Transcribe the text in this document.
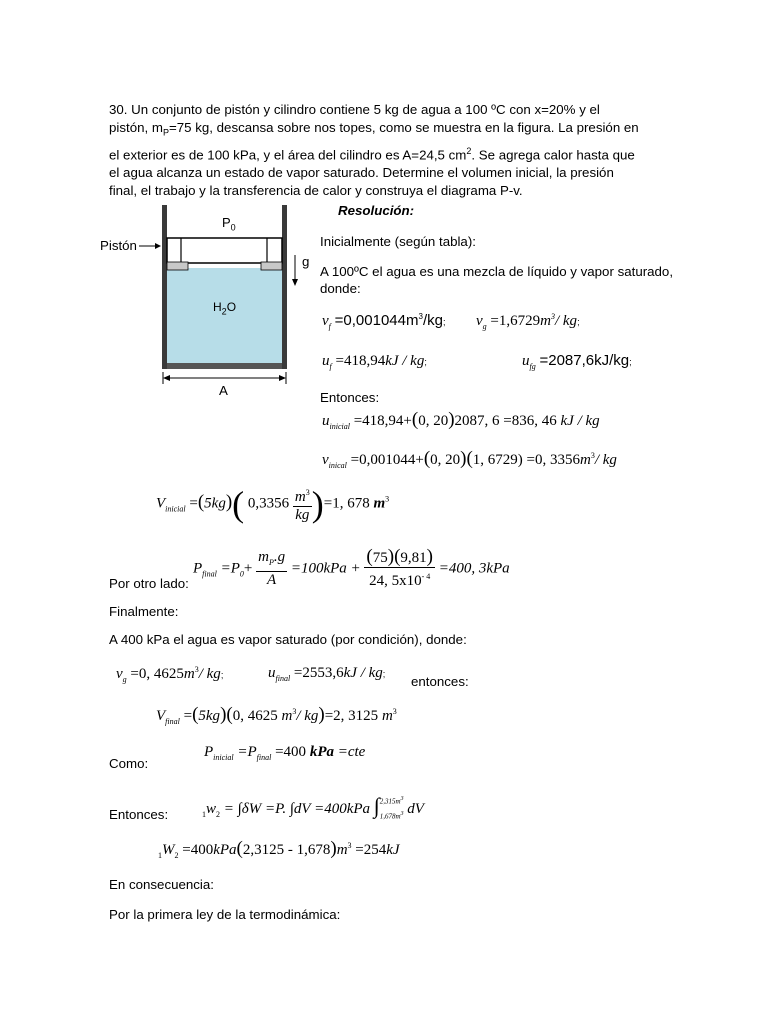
30. Un conjunto de pistón y cilindro contiene 5 kg de agua a 100 ºC con x=20% y el
pistón, $m_P=75$ kg, descansa sobre nos topes, como se muestra en la figura. La presión en
el exterior es de 100 kPa, y el área del cilindro es A=24,5 $cm^2$. Se agrega calor hasta que
el agua alcanza un estado de vapor saturado. Determine el volumen inicial, la presión
final, el trabajo y la transferencia de calor y construya el diagrama P-v.
$P_0$
Pistón
g
$H_2O$
A
Resolución:
Inicialmente (según tabla):
A 100ºC el agua es una mezcla de líquido y vapor saturado,
donde:
$v_f =0,001044m^3/kg$; $v_g =1,6729m^3/$ kg;
$u_f =418,94kJ$ / kg;	$u_{fg} =2087,6kJ/kg$;
Entonces:
$u_{inicial} =418,94+(0$, 20)2087, 6 =836, 46 kJ / kg
$v_{inical} =0,001044+(0$, 20)(1, 6729) =0, $3356m^3/$ kg
$V_{inicial} =(5kg)$( $0,3356 \frac{m^3}{kg} )=1$, 678 $m^3$
$P_{final} =P_0+ \frac{m_P.g}{A} =100kPa + \frac{(75)(9,81)}{24, 5x10^{- 4}} =400$, 3kPa
Por otro lado:
Finalmente:
A 400 kPa el agua es vapor saturado (por condición), donde:
$v_g =0$, $4625m^3/$ kg;	$u_{final} =2553,6kJ$ / kg; entonces:
$V_{final} =(5kg)(0$, 4625 $m^3/$ kg)=2, 3125 $m^3$
Como:
$P_{inicial} =P_{final} =400$ kPa =cte
Entonces:	$_1w_2 = \int\delta W =P$. ∫dV =400kPa ∫ $2,315m^3$
$1,678m^3$ dV
$_1W_2 =400kPa(2,3125 - 1,678)m^3 =254kJ$
En consecuencia:
Por la primera ley de la termodinámica:
